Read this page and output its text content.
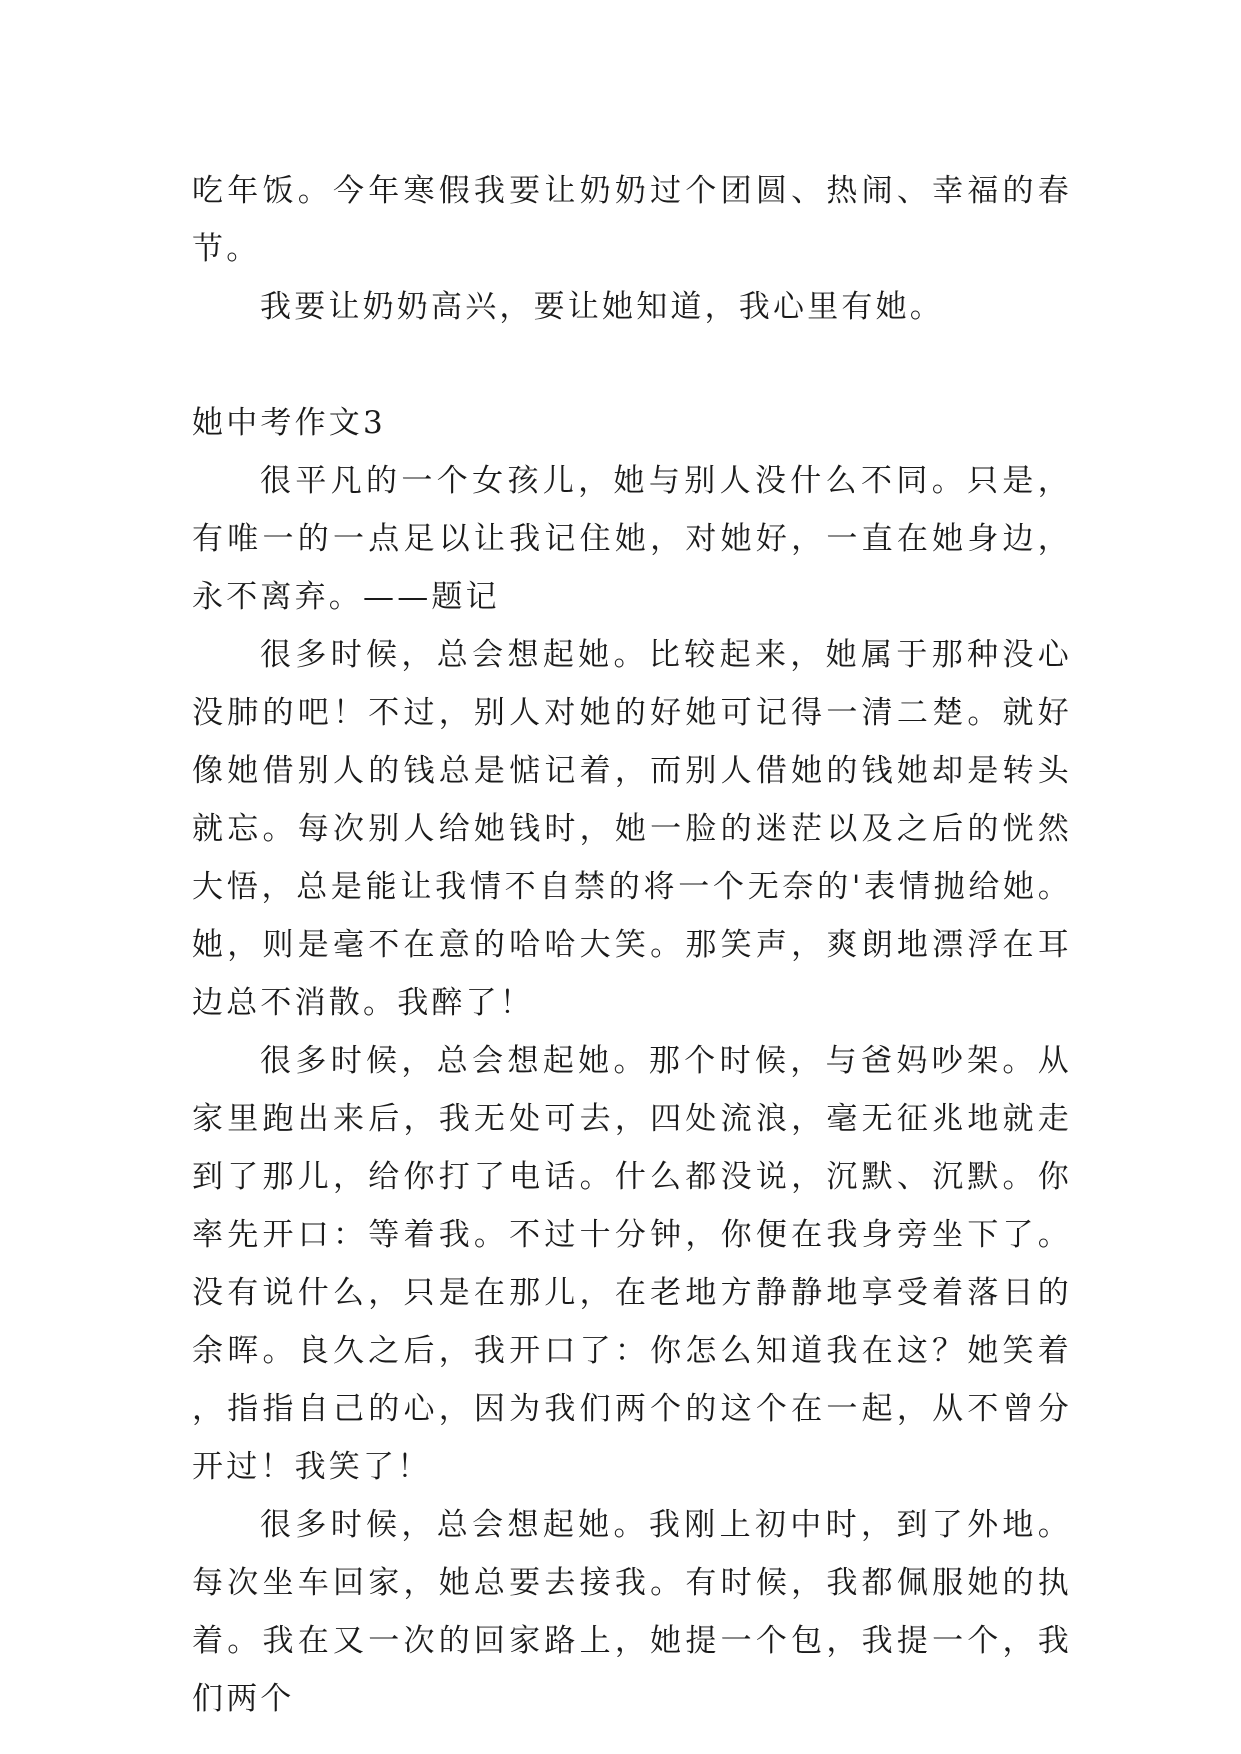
吃年饭。今年寒假我要让奶奶过个团圆、热闹、幸福的春节。

我要让奶奶高兴，要让她知道，我心里有她。

她中考作文3

很平凡的一个女孩儿，她与别人没什么不同。只是，有唯一的一点足以让我记住她，对她好，一直在她身边，永不离弃。——题记

很多时候，总会想起她。比较起来，她属于那种没心没肺的吧！不过，别人对她的好她可记得一清二楚。就好像她借别人的钱总是惦记着，而别人借她的钱她却是转头就忘。每次别人给她钱时，她一脸的迷茫以及之后的恍然大悟，总是能让我情不自禁的将一个无奈的'表情抛给她。她，则是毫不在意的哈哈大笑。那笑声，爽朗地漂浮在耳边总不消散。我醉了！

很多时候，总会想起她。那个时候，与爸妈吵架。从家里跑出来后，我无处可去，四处流浪，毫无征兆地就走到了那儿，给你打了电话。什么都没说，沉默、沉默。你率先开口：等着我。不过十分钟，你便在我身旁坐下了。没有说什么，只是在那儿，在老地方静静地享受着落日的余晖。良久之后，我开口了：你怎么知道我在这？她笑着，指指自己的心，因为我们两个的这个在一起，从不曾分开过！我笑了！

很多时候，总会想起她。我刚上初中时，到了外地。每次坐车回家，她总要去接我。有时候，我都佩服她的执着。我在又一次的回家路上，她提一个包，我提一个，我们两个
